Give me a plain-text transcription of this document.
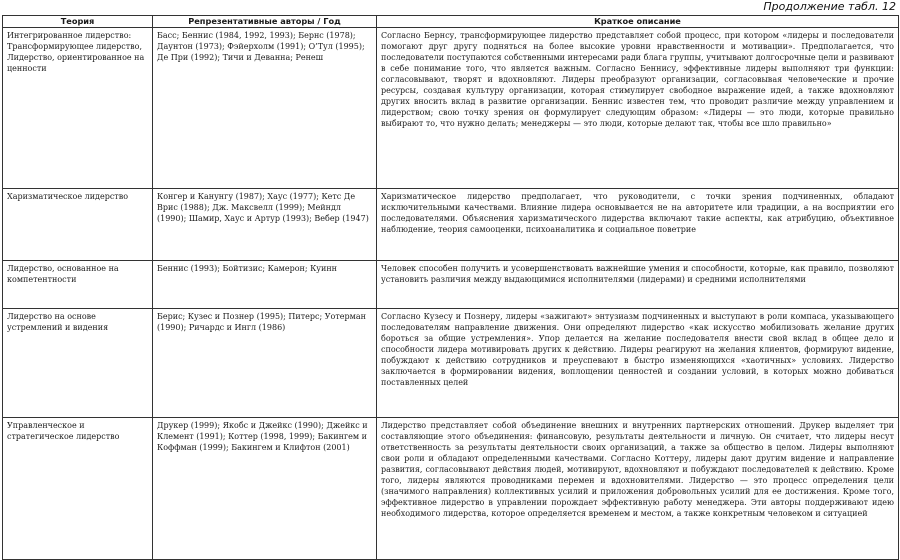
Продолжение табл. 12
Теория	Репрезентативные авторы / Год	Краткое описание
Интегрированное лидерство: Трансформирующее лидерство, Лидерство, ориентированное на ценности	Басс; Беннис (1984, 1992, 1993); Бернс (1978); Даунтон (1973); Фэйерхолм (1991); О’Тул (1995); Де При (1992); Тичи и Деванна; Ренеш	Согласно Бернсу, трансформирующее лидерство представляет собой процесс, при котором «лидеры и последователи помогают друг другу подняться на более высокие уровни нравственности и мотивации». Предполагается, что последователи поступаются собственными интересами ради блага группы, учитывают долгосрочные цели и развивают в себе понимание того, что является важным. Согласно Беннису, эффективные лидеры выполняют три функции: согласовывают, творят и вдохновляют. Лидеры преобразуют организации, согласовывая человеческие и прочие ресурсы, создавая культуру организации, которая стимулирует свободное выражение идей, а также вдохновляют других вносить вклад в развитие организации. Беннис известен тем, что проводит различие между управлением и лидерством; свою точку зрения он формулирует следующим образом: «Лидеры — это люди, которые правильно выбирают то, что нужно делать; менеджеры — это люди, которые делают так, чтобы все шло правильно»
Харизматическое лидерство	Конгер и Канунгу (1987); Хаус (1977); Кетс Де Врис (1988); Дж. Максвелл (1999); Мейндл (1990); Шамир, Хаус и Артур (1993); Вебер (1947)	Харизматическое лидерство предполагает, что руководители, с точки зрения подчиненных, обладают исключительными качествами. Влияние лидера основывается не на авторитете или традиции, а на восприятии его последователями. Объяснения харизматического лидерства включают такие аспекты, как атрибуцию, объективное наблюдение, теория самооценки, психоаналитика и социальное поветрие
Лидерство, основанное на компетентности	Беннис (1993); Бойтизис; Камерон; Куинн	Человек способен получить и усовершенствовать важнейшие умения и способности, которые, как правило, позволяют установить различия между выдающимися исполнителями (лидерами) и средними исполнителями
Лидерство на основе устремлений и видения	Берис; Кузес и Познер (1995); Питерс; Уотерман (1990); Ричардс и Ингл (1986)	Согласно Кузесу и Познеру, лидеры «зажигают» энтузиазм подчиненных и выступают в роли компаса, указывающего последователям направление движения. Они определяют лидерство «как искусство мобилизовать желание других бороться за общие устремления». Упор делается на желание последователя внести свой вклад в общее дело и способности лидера мотивировать других к действию. Лидеры реагируют на желания клиентов, формируют видение, побуждают к действию сотрудников и преуспевают в быстро изменяющихся «хаотичных» условиях. Лидерство заключается в формировании видения, воплощении ценностей и создании условий, в которых можно добиваться поставленных целей
Управленческое и стратегическое лидерство	Друкер (1999); Якобс и Джейкс (1990); Джейкс и Клемент (1991); Коттер (1998, 1999); Бакингем и Коффман (1999); Бакингем и Клифтон (2001)	Лидерство представляет собой объединение внешних и внутренних партнерских отношений. Друкер выделяет три составляющие этого объединения: финансовую, результаты деятельности и личную. Он считает, что лидеры несут ответственность за результаты деятельности своих организаций, а также за общество в целом. Лидеры выполняют свои роли и обладают определенными качествами. Согласно Коттеру, лидеры дают другим видение и направление развития, согласовывают действия людей, мотивируют, вдохновляют и побуждают последователей к действию. Кроме того, лидеры являются проводниками перемен и вдохновителями. Лидерство — это процесс определения цели (значимого направления) коллективных усилий и приложения добровольных усилий для ее достижения. Кроме того, эффективное лидерство в управлении порождает эффективную работу менеджера. Эти авторы поддерживают идею необходимого лидерства, которое определяется временем и местом, а также конкретным человеком и ситуацией
